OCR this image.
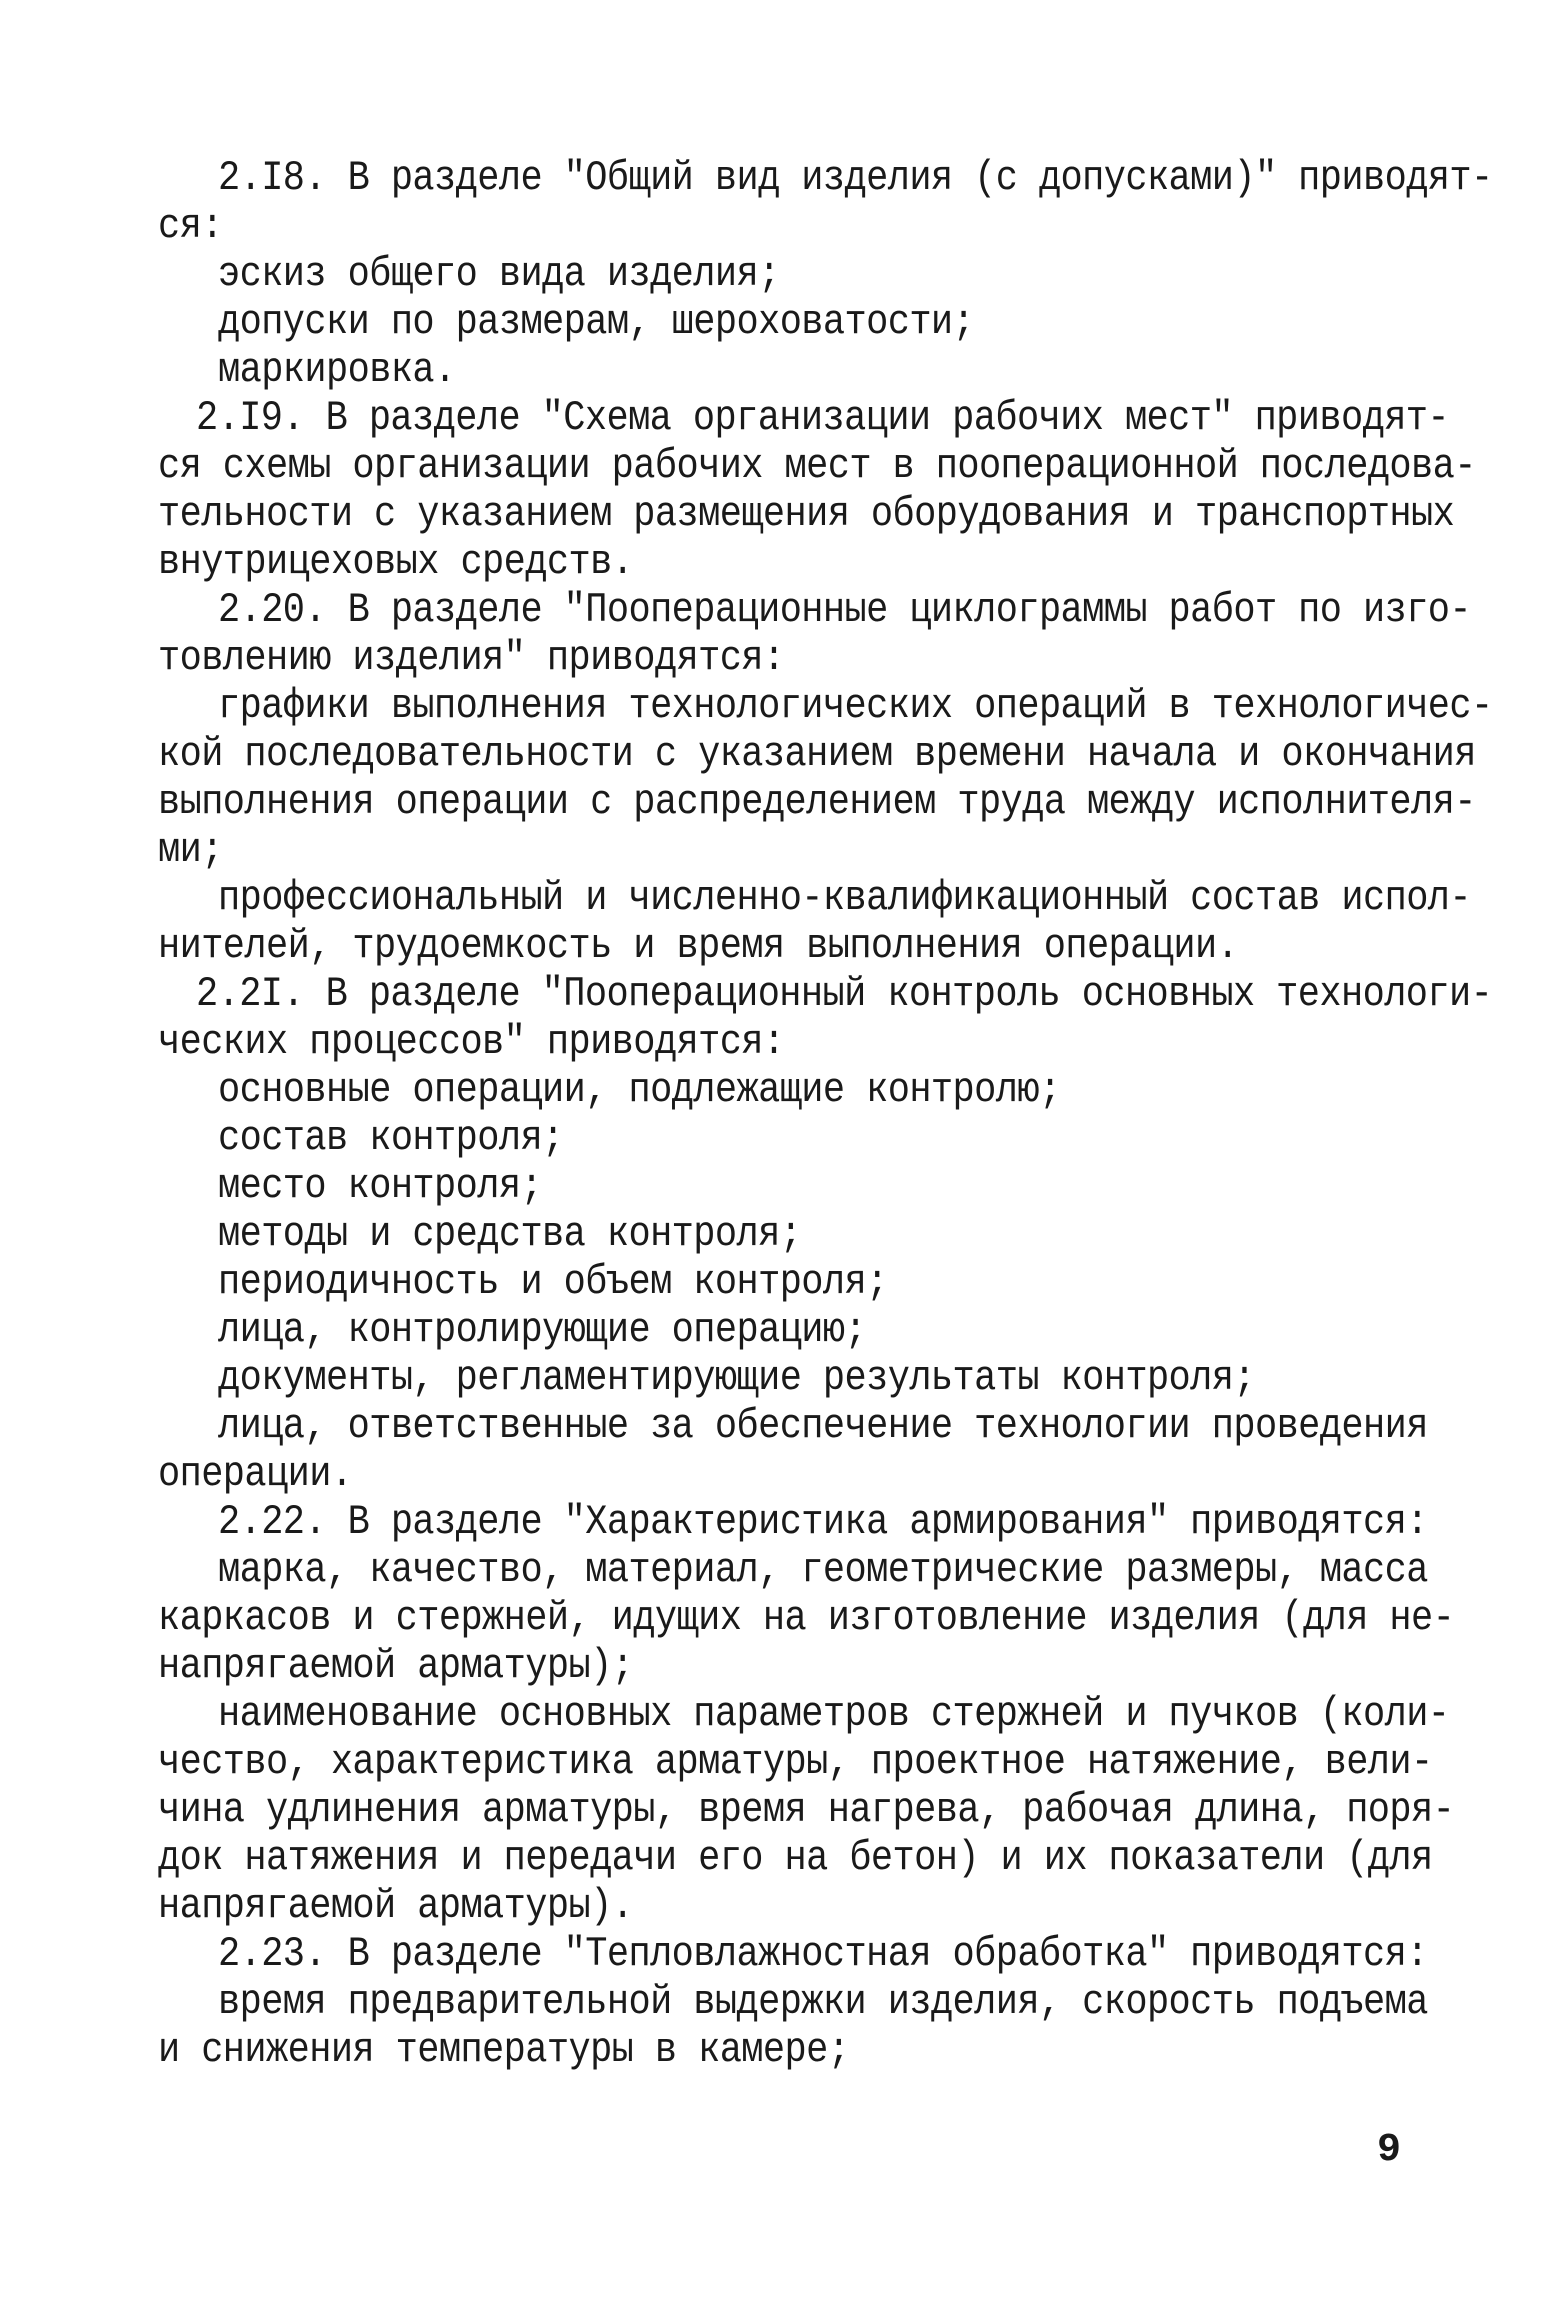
2.I8. В разделе "Общий вид изделия (с допусками)" приводят-
ся:
эскиз общего вида изделия;
допуски по размерам, шероховатости;
маркировка.
2.I9. В разделе "Схема организации рабочих мест" приводят-
ся схемы организации рабочих мест в пооперационной последова-
тельности с указанием размещения оборудования и транспортных
внутрицеховых средств.
2.20. В разделе "Пооперационные циклограммы работ по изго-
товлению изделия" приводятся:
графики выполнения технологических операций в технологичес-
кой последовательности с указанием времени начала и окончания
выполнения операции с распределением труда между исполнителя-
ми;
профессиональный и численно-квалификационный состав испол-
нителей, трудоемкость и время выполнения операции.
2.2I. В разделе "Пооперационный контроль основных технологи-
ческих процессов" приводятся:
основные операции, подлежащие контролю;
состав контроля;
место контроля;
методы и средства контроля;
периодичность и объем контроля;
лица, контролирующие операцию;
документы, регламентирующие результаты контроля;
лица, ответственные за обеспечение технологии проведения
операции.
2.22. В разделе "Характеристика армирования" приводятся:
марка, качество, материал, геометрические размеры, масса
каркасов и стержней, идущих на изготовление изделия (для не-
напрягаемой арматуры);
наименование основных параметров стержней и пучков (коли-
чество, характеристика арматуры, проектное натяжение, вели-
чина удлинения арматуры, время нагрева, рабочая длина, поря-
док натяжения и передачи его на бетон) и их показатели (для
напрягаемой арматуры).
2.23. В разделе "Тепловлажностная обработка" приводятся:
время предварительной выдержки изделия, скорость подъема
и снижения температуры в камере;
9
